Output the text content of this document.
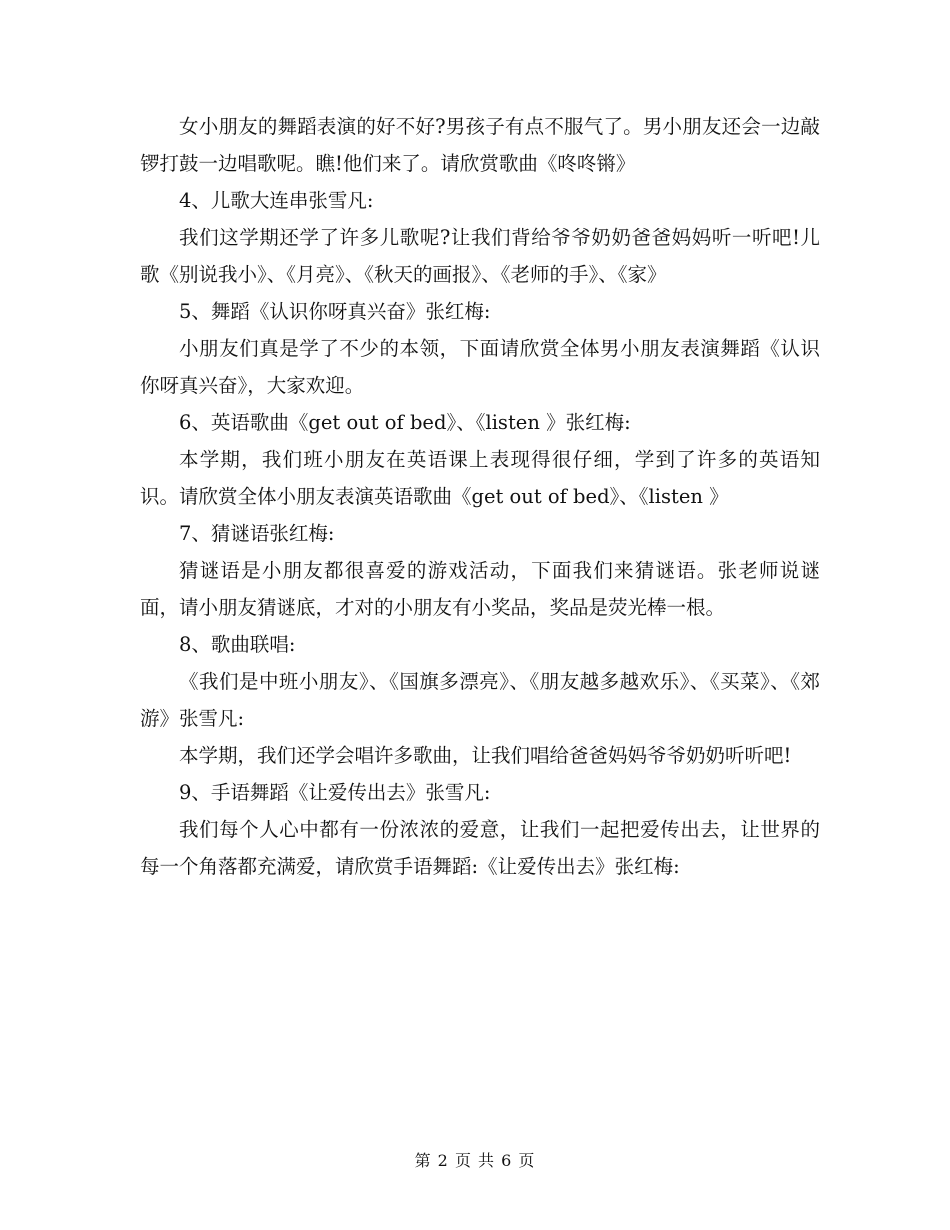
女小朋友的舞蹈表演的好不好?男孩子有点不服气了。男小朋友还会一边敲锣打鼓一边唱歌呢。瞧!他们来了。请欣赏歌曲《咚咚锵》

4、儿歌大连串张雪凡:

我们这学期还学了许多儿歌呢?让我们背给爷爷奶奶爸爸妈妈听一听吧!儿歌《别说我小》、《月亮》、《秋天的画报》、《老师的手》、《家》

5、舞蹈《认识你呀真兴奋》张红梅:

小朋友们真是学了不少的本领，下面请欣赏全体男小朋友表演舞蹈《认识你呀真兴奋》，大家欢迎。

6、英语歌曲《get out of bed》、《listen 》张红梅:

本学期，我们班小朋友在英语课上表现得很仔细，学到了许多的英语知识。请欣赏全体小朋友表演英语歌曲《get out of bed》、《listen 》

7、猜谜语张红梅:

猜谜语是小朋友都很喜爱的游戏活动，下面我们来猜谜语。张老师说谜面，请小朋友猜谜底，才对的小朋友有小奖品，奖品是荧光棒一根。

8、歌曲联唱:

《我们是中班小朋友》、《国旗多漂亮》、《朋友越多越欢乐》、《买菜》、《郊游》张雪凡:

本学期，我们还学会唱许多歌曲，让我们唱给爸爸妈妈爷爷奶奶听听吧!

9、手语舞蹈《让爱传出去》张雪凡:

我们每个人心中都有一份浓浓的爱意，让我们一起把爱传出去，让世界的每一个角落都充满爱，请欣赏手语舞蹈:《让爱传出去》张红梅:

第 2 页 共 6 页
